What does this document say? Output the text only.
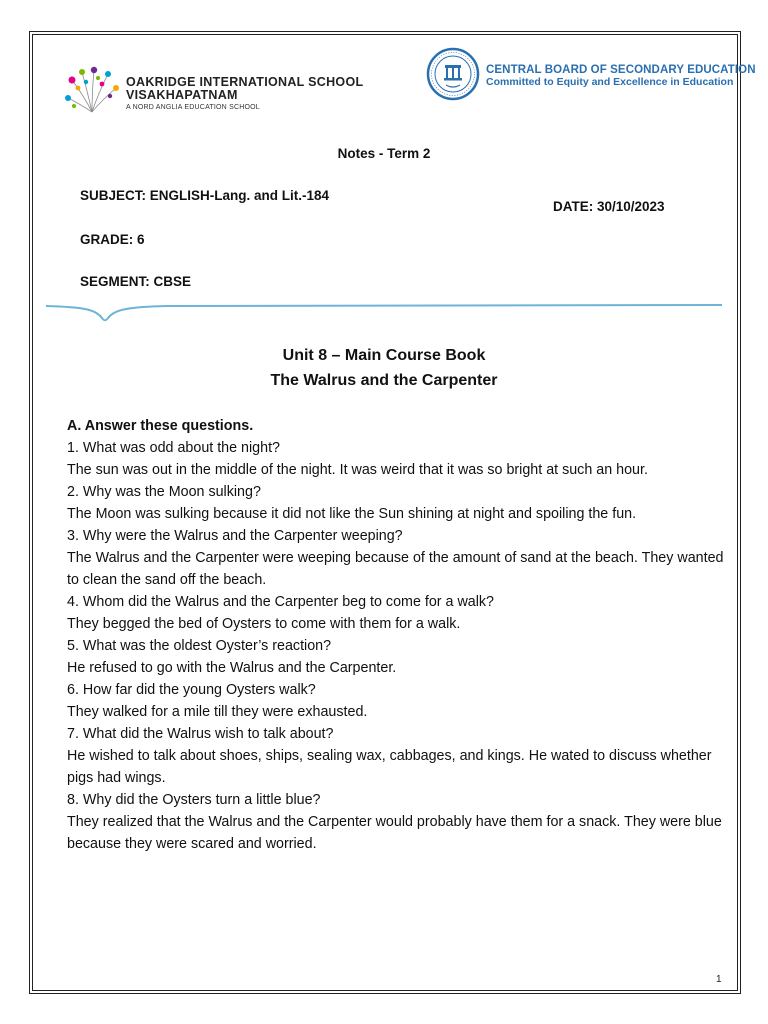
OAKRIDGE INTERNATIONAL SCHOOL
VISAKHAPATNAM
A NORD ANGLIA EDUCATION SCHOOL
CENTRAL BOARD OF SECONDARY EDUCATION
Committed to Equity and Excellence in Education
Notes - Term 2
SUBJECT: ENGLISH-Lang. and Lit.-184
DATE: 30/10/2023
GRADE: 6
SEGMENT: CBSE
Unit 8 – Main Course Book
The Walrus and the Carpenter
A. Answer these questions.
1. What was odd about the night?
The sun was out in the middle of the night. It was weird that it was so bright at such an hour.
2. Why was the Moon sulking?
The Moon was sulking because it did not like the Sun shining at night and spoiling the fun.
3. Why were the Walrus and the Carpenter weeping?
The Walrus and the Carpenter were weeping because of the amount of sand at the beach. They wanted to clean the sand off the beach.
4. Whom did the Walrus and the Carpenter beg to come for a walk?
They begged the bed of Oysters to come with them for a walk.
5. What was the oldest Oyster’s reaction?
He refused to go with the Walrus and the Carpenter.
6. How far did the young Oysters walk?
They walked for a mile till they were exhausted.
7. What did the Walrus wish to talk about?
He wished to talk about shoes, ships, sealing wax, cabbages, and kings. He wated to discuss whether pigs had wings.
8. Why did the Oysters turn a little blue?
They realized that the Walrus and the Carpenter would probably have them for a snack. They were blue because they were scared and worried.
1
